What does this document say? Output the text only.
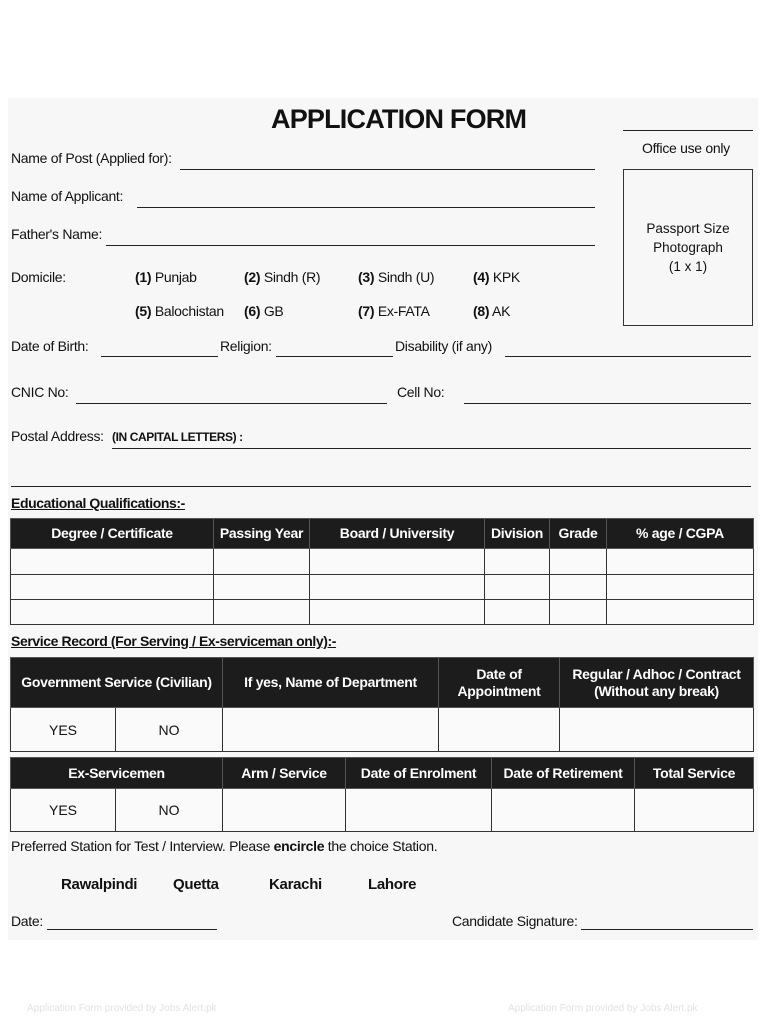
APPLICATION FORM
Office use only
Passport Size
Photograph
(1 x 1)
Name of Post (Applied for):
Name of Applicant:
Father's Name:
Domicile:	(1) Punjab	(2) Sindh (R)	(3) Sindh (U)	(4) KPK
(5) Balochistan (6) GB	(7) Ex-FATA	(8) AK
Date of Birth:	Religion:	Disability (if any)
CNIC No:	Cell No:
Postal Address: (IN CAPITAL LETTERS) :
Educational Qualifications:-
Degree / Certificate	Passing Year	Board / University	Division	Grade	% age / CGPA

Service Record (For Serving / Ex-serviceman only):-
Government Service (Civilian)		If yes, Name of Department	Date of Appointment	Regular / Adhoc / Contract (Without any break)
YES	NO			
Ex-Servicemen		Arm / Service	Date of Enrolment	Date of Retirement	Total Service
YES	NO				
Preferred Station for Test / Interview. Please encircle the choice Station.
Rawalpindi Quetta	Karachi	Lahore
Date:	Candidate Signature:
Application Form provided by Jobs Alert.pk	Application Form provided by Jobs Alert.pk
